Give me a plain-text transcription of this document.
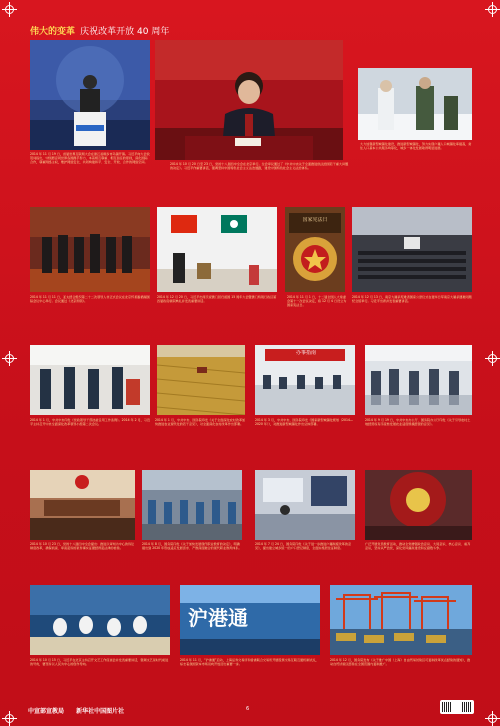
伟大的变革 庆祝改革开放 40 周年
2014 年 11 月 19 日，首届世界互联网大会在浙江省桐乡市乌镇开幕。习近平向大会致贺词指出，中国愿意同世界各国携手努力，本着相互尊重、相互信任的原则，深化国际合作，尊重网络主权，维护网络安全，共同构建和平、安全、开放、合作的网络空间。	2014 年 10 月 20 日至 23 日，党的十八届四中全会在北京举行。全会审议通过了《中共中央关于全面推进依法治国若干重大问题的决定》。习近平作重要讲话，强调坚持中国特色社会主义法治道路，建设中国特色社会主义法治体系。
大力加强新型城镇化建设，推进新型城镇化，努力实现户籍人口城镇化率提高，常住人口基本公共服务均等化，城乡一体化发展取得明显进展。
2014 年 11 月 11 日，亚太经合组织第二十二次领导人非正式会议在北京怀柔雁栖湖国际会议中心举行。会议通过《北京纲领》。
2014 年 12 月 20 日，习近平出席庆祝澳门回归祖国 15 周年大会暨澳门特别行政区第四届政府就职典礼并发表重要讲话。
国家宪法日
2014 年 11 月 1 日，十二届全国人大常委会第十一次会议决定，将 12 月 4 日设立为国家宪法日。
2014 年 12 月 13 日，南京大屠杀死难者国家公祭仪式在侵华日军南京大屠杀遇难同胞纪念馆举行。习近平出席并发表重要讲话。
2014 年 1 月，中共中央印发《党政领导干部选拔任用工作条例》。2014 年 2 月，习近平主持召开中央全面深化改革领导小组第二次会议。
2014 年 1 月，中共中央、国务院印发《关于全面深化农村改革加快推进农业现代化的若干意见》，对全面深化农村改革作出部署。
办事指南
2014 年 3 月，中共中央、国务院印发《国家新型城镇化规划（2014—2020 年）》，对推进新型城镇化作出总体部署。
2014 年 9 月 19 日，中共中央办公厅、国务院办公厅印发《关于引导农村土地经营权有序流转发展农业适度规模经营的意见》。
2014 年 10 月 23 日，党的十八届四中全会提出：推进以审判为中心的诉讼制度改革，确保侦查、审查起诉的案件事实证据经得起法律的检验。
2014 年 8 月，国务院印发《关于加快发展现代职业教育的决定》，明确提出到 2020 年形成适应发展需求、产教深度融合的现代职业教育体系。
2014 年 7 月 24 日，国务院印发《关于进一步推进户籍制度改革的意见》，提出建立城乡统一的户口登记制度，全面实施居住证制度。
广泛开展党员教育活动，推动全党增强政治意识、大局意识、核心意识、看齐意识，坚持从严治党，深化党风廉政建设和反腐败斗争。
2014 年 10 月 15 日，习近平在北京主持召开文艺工作座谈会并发表重要讲话，强调文艺是时代前进的号角，要坚持以人民为中心的创作导向。
沪港通
2014 年 11 月，“沪港通”启动，上海证券交易所和香港联合交易所开展股票交易互联互通机制试点，标志着我国资本市场双向开放迈出重要一步。
2014 年 12 月，国务院发布《关于推广中国（上海）自由贸易试验区可复制改革试点经验的通知》，推动自贸试验区经验在全国范围内复制推广。
中宣部宣教局 新华社中国图片社	6
